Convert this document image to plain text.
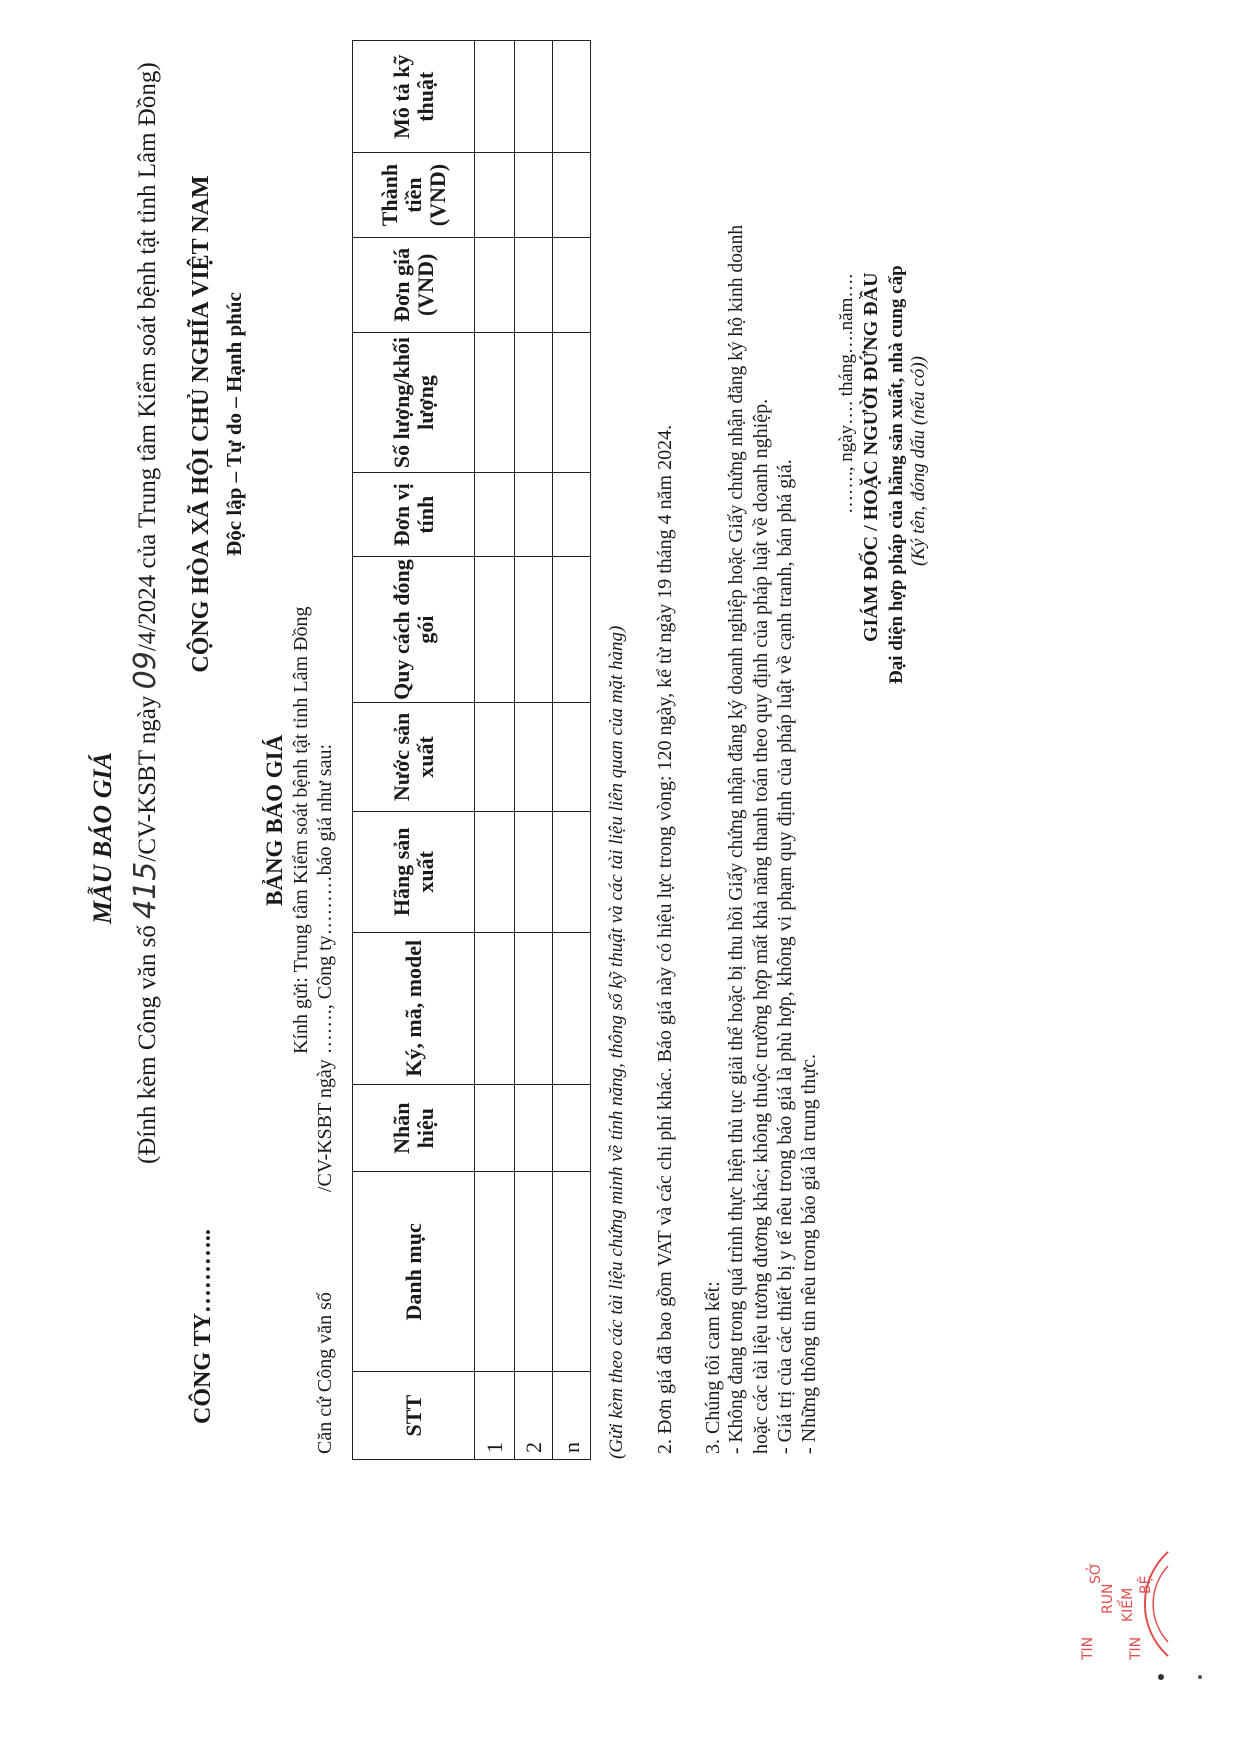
MẪU BÁO GIÁ
(Đính kèm Công văn số 415/CV-KSBT ngày 09/4/2024 của Trung tâm Kiểm soát bệnh tật tỉnh Lâm Đồng)
CÔNG TY………..
CỘNG HÒA XÃ HỘI CHỦ NGHĨA VIỆT NAM Độc lập – Tự do – Hạnh phúc
BẢNG BÁO GIÁ Kính gửi: Trung tâm Kiểm soát bệnh tật tỉnh Lâm Đồng
Căn cứ Công văn số/CV-KSBT ngày ……., Công ty………báo giá như sau:
STT	Danh mục	Nhãn hiệu	Ký, mã, model	Hãng sản xuất	Nước sản xuất	Quy cách đóng gói	Đơn vị tính	Số lượng/khối lượng	Đơn giá (VND)	Thành tiền (VND)	Mô tả kỹ thuật
1											
2											
n											(Gửi kèm theo các tài liệu chứng minh về tính năng, thông số kỹ thuật và các tài liệu liên quan của mặt hàng) 2. Đơn giá đã bao gồm VAT và các chi phí khác. Báo giá này có hiệu lực trong vòng: 120 ngày, kể từ ngày 19 tháng 4 năm 2024. 3. Chúng tôi cam kết: - Không đang trong quá trình thực hiện thủ tục giải thể hoặc bị thu hồi Giấy chứng nhận đăng ký doanh nghiệp hoặc Giấy chứng nhận đăng ký hộ kinh doanh hoặc các tài liệu tương đương khác; không thuộc trường hợp mất khả năng thanh toán theo quy định của pháp luật về doanh nghiệp. - Giá trị của các thiết bị y tế nêu trong báo giá là phù hợp, không vi phạm quy định của pháp luật về cạnh tranh, bán phá giá. - Những thông tin nêu trong báo giá là trung thực.
……., ngày…. tháng….năm…. GIÁM ĐỐC / HOẶC NGƯỜI ĐỨNG ĐẦU Đại diện hợp pháp của hãng sản xuất, nhà cung cấp (Ký tên, đóng dấu (nếu có))
TIN
RUN KIỂM
BỆ
TIN
SỞ
